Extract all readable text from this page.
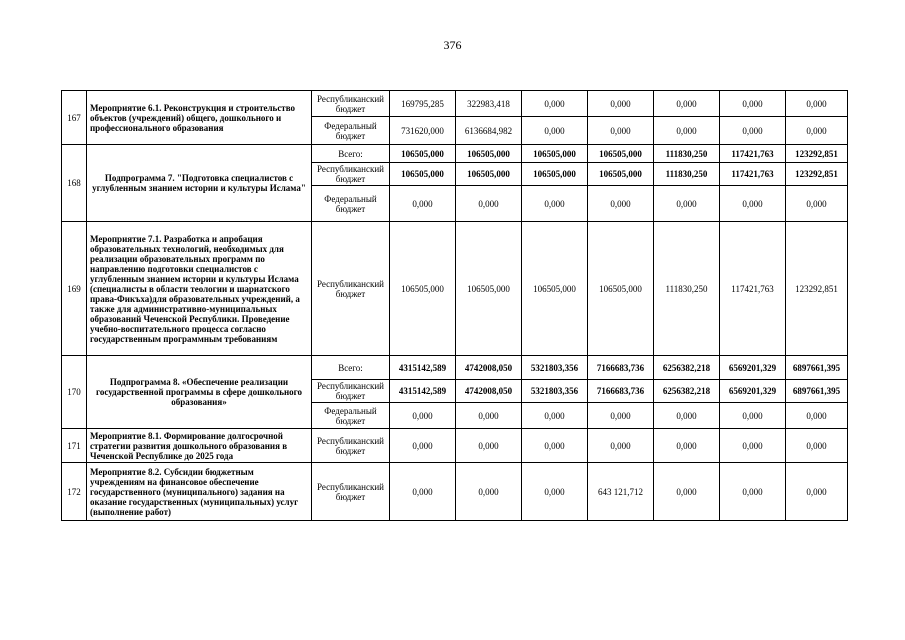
376
167	Мероприятие 6.1. Реконструкция и строительство объектов (учреждений) общего, дошкольного и профессионального образования	Республиканский бюджет	169795,285	322983,418	0,000	0,000	0,000	0,000	0,000
		Федеральный бюджет	731620,000	6136684,982	0,000	0,000	0,000	0,000	0,000
168	Подпрограмма 7. "Подготовка специалистов с углубленным знанием истории и культуры Ислама"	Всего:	106505,000	106505,000	106505,000	106505,000	111830,250	117421,763	123292,851
		Республиканский бюджет	106505,000	106505,000	106505,000	106505,000	111830,250	117421,763	123292,851
		Федеральный бюджет	0,000	0,000	0,000	0,000	0,000	0,000	0,000
169	Мероприятие 7.1. Разработка и апробация образовательных технологий, необходимых для реализации образовательных программ по направлению подготовки специалистов с углубленным знанием истории и культуры Ислама (специалисты в области теологии и шариатского права-Фикъха)для образовательных учреждений, а также для административно-муниципальных образований Чеченской Республики. Проведение учебно-воспитательного процесса согласно государственным программным требованиям	Республиканский бюджет	106505,000	106505,000	106505,000	106505,000	111830,250	117421,763	123292,851
170	Подпрограмма 8. «Обеспечение реализации государственной программы в сфере дошкольного образования»	Всего:	4315142,589	4742008,050	5321803,356	7166683,736	6256382,218	6569201,329	6897661,395
		Республиканский бюджет	4315142,589	4742008,050	5321803,356	7166683,736	6256382,218	6569201,329	6897661,395
		Федеральный бюджет	0,000	0,000	0,000	0,000	0,000	0,000	0,000
171	Мероприятие 8.1. Формирование долгосрочной стратегии развития дошкольного образования в Чеченской Республике до 2025 года	Республиканский бюджет	0,000	0,000	0,000	0,000	0,000	0,000	0,000
172	Мероприятие 8.2. Субсидии бюджетным учреждениям на финансовое обеспечение государственного (муниципального) задания на оказание государственных (муниципальных) услуг (выполнение работ)	Республиканский бюджет	0,000	0,000	0,000	643 121,712	0,000	0,000	0,000
